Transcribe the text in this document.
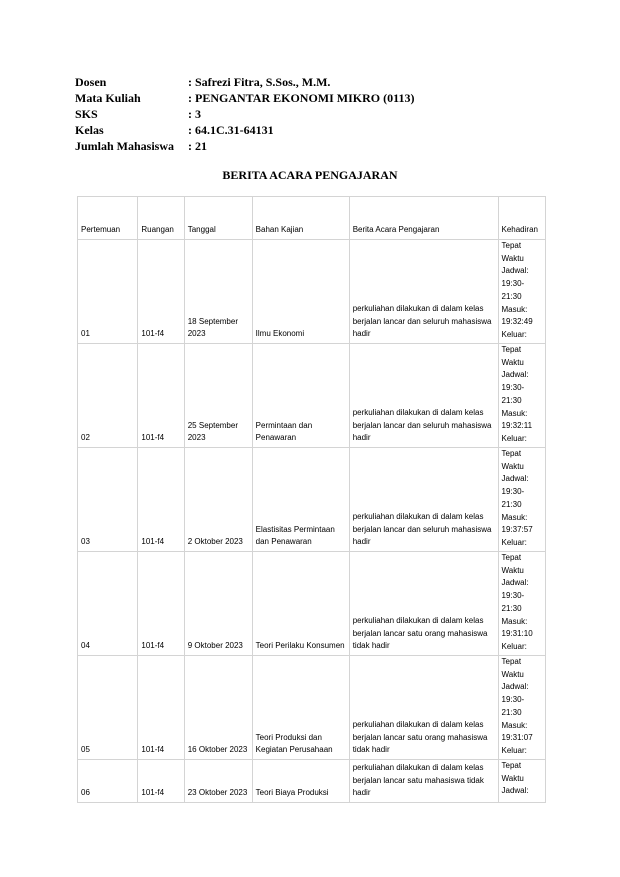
Dosen	: Safrezi Fitra, S.Sos., M.M.
Mata Kuliah	: PENGANTAR EKONOMI MIKRO (0113)
SKS	: 3
Kelas	: 64.1C.31-64131
Jumlah Mahasiswa : 21
BERITA ACARA PENGAJARAN
Pertemuan	Ruangan	Tanggal	Bahan Kajian	Berita Acara Pengajaran	Kehadiran
01	101-f4	18 September 2023	Ilmu Ekonomi	perkuliahan dilakukan di dalam kelas berjalan lancar dan seluruh mahasiswa hadir	Tepat Waktu Jadwal: 19:30-21:30 Masuk: 19:32:49 Keluar:

02	101-f4	25 September 2023	Permintaan dan Penawaran	perkuliahan dilakukan di dalam kelas berjalan lancar dan seluruh mahasiswa hadir	Tepat Waktu Jadwal: 19:30-21:30 Masuk: 19:32:11 Keluar:

03	101-f4	2 Oktober 2023	Elastisitas Permintaan dan Penawaran	perkuliahan dilakukan di dalam kelas berjalan lancar dan seluruh mahasiswa hadir	Tepat Waktu Jadwal: 19:30-21:30 Masuk: 19:37:57 Keluar:

04	101-f4	9 Oktober 2023	Teori Perilaku Konsumen	perkuliahan dilakukan di dalam kelas berjalan lancar satu orang mahasiswa tidak hadir	Tepat Waktu Jadwal: 19:30-21:30 Masuk: 19:31:10 Keluar:

05	101-f4	16 Oktober 2023	Teori Produksi dan Kegiatan Perusahaan	perkuliahan dilakukan di dalam kelas berjalan lancar satu orang mahasiswa tidak hadir	Tepat Waktu Jadwal: 19:30-21:30 Masuk: 19:31:07 Keluar:

06	101-f4	23 Oktober 2023	Teori Biaya Produksi	perkuliahan dilakukan di dalam kelas berjalan lancar satu mahasiswa tidak hadir	Tepat Waktu Jadwal:
